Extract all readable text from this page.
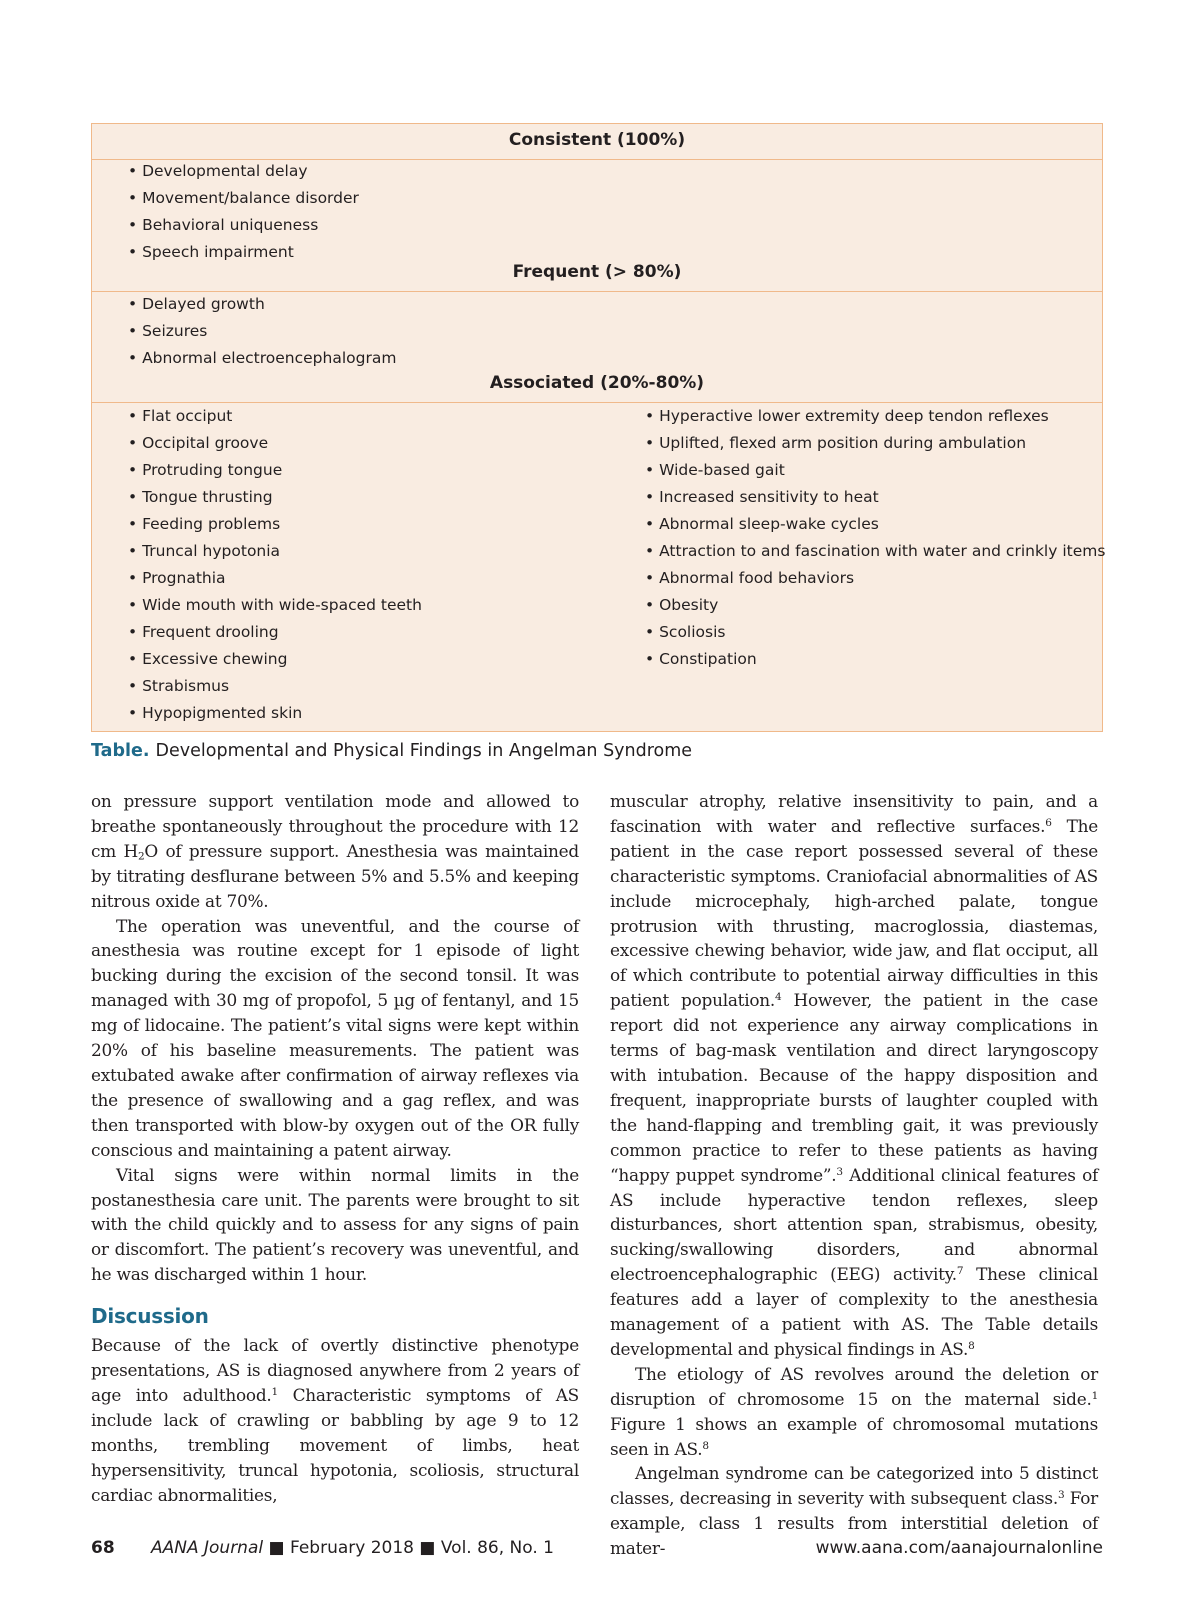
Consistent (100%)
• Developmental delay
• Movement/balance disorder
• Behavioral uniqueness
• Speech impairment
Frequent (> 80%)
• Delayed growth
• Seizures
• Abnormal electroencephalogram
Associated (20%-80%)
• Flat occiput
• Occipital groove
• Protruding tongue
• Tongue thrusting
• Feeding problems
• Truncal hypotonia
• Prognathia
• Wide mouth with wide-spaced teeth
• Frequent drooling
• Excessive chewing
• Strabismus
• Hypopigmented skin
• Hyperactive lower extremity deep tendon reflexes
• Uplifted, flexed arm position during ambulation
• Wide-based gait
• Increased sensitivity to heat
• Abnormal sleep-wake cycles
• Attraction to and fascination with water and crinkly items
• Abnormal food behaviors
• Obesity
• Scoliosis
• Constipation
Table. Developmental and Physical Findings in Angelman Syndrome

on pressure support ventilation mode and allowed to breathe spontaneously throughout the procedure with 12 cm $H_2O$ of pressure support. Anesthesia was maintained by titrating desflurane between 5% and 5.5% and keeping nitrous oxide at 70%.

The operation was uneventful, and the course of anesthesia was routine except for 1 episode of light bucking during the excision of the second tonsil. It was managed with 30 mg of propofol, 5 µg of fentanyl, and 15 mg of lidocaine. The patient’s vital signs were kept within 20% of his baseline measurements. The patient was extubated awake after confirmation of airway reflexes via the presence of swallowing and a gag reflex, and was then transported with blow-by oxygen out of the OR fully conscious and maintaining a patent airway.

Vital signs were within normal limits in the postanesthesia care unit. The parents were brought to sit with the child quickly and to assess for any signs of pain or discomfort. The patient’s recovery was uneventful, and he was discharged within 1 hour.

Discussion

Because of the lack of overtly distinctive phenotype presentations, AS is diagnosed anywhere from 2 years of age into adulthood.$^1$ Characteristic symptoms of AS include lack of crawling or babbling by age 9 to 12 months, trembling movement of limbs, heat hypersensitivity, truncal hypotonia, scoliosis, structural cardiac abnormalities,

muscular atrophy, relative insensitivity to pain, and a fascination with water and reflective surfaces.$^6$ The patient in the case report possessed several of these characteristic symptoms. Craniofacial abnormalities of AS include microcephaly, high-arched palate, tongue protrusion with thrusting, macroglossia, diastemas, excessive chewing behavior, wide jaw, and flat occiput, all of which contribute to potential airway difficulties in this patient population.$^4$ However, the patient in the case report did not experience any airway complications in terms of bag-mask ventilation and direct laryngoscopy with intubation. Because of the happy disposition and frequent, inappropriate bursts of laughter coupled with the hand-flapping and trembling gait, it was previously common practice to refer to these patients as having “happy puppet syndrome”.$^3$ Additional clinical features of AS include hyperactive tendon reflexes, sleep disturbances, short attention span, strabismus, obesity, sucking/swallowing disorders, and abnormal electroencephalographic (EEG) activity.$^7$ These clinical features add a layer of complexity to the anesthesia management of a patient with AS. The Table details developmental and physical findings in AS.$^8$

The etiology of AS revolves around the deletion or disruption of chromosome 15 on the maternal side.$^1$ Figure 1 shows an example of chromosomal mutations seen in AS.$^8$

Angelman syndrome can be categorized into 5 distinct classes, decreasing in severity with subsequent class.$^3$ For example, class 1 results from interstitial deletion of mater-

68 AANA Journal ■ February 2018 ■ Vol. 86, No. 1	www.aana.com/aanajournalonline
